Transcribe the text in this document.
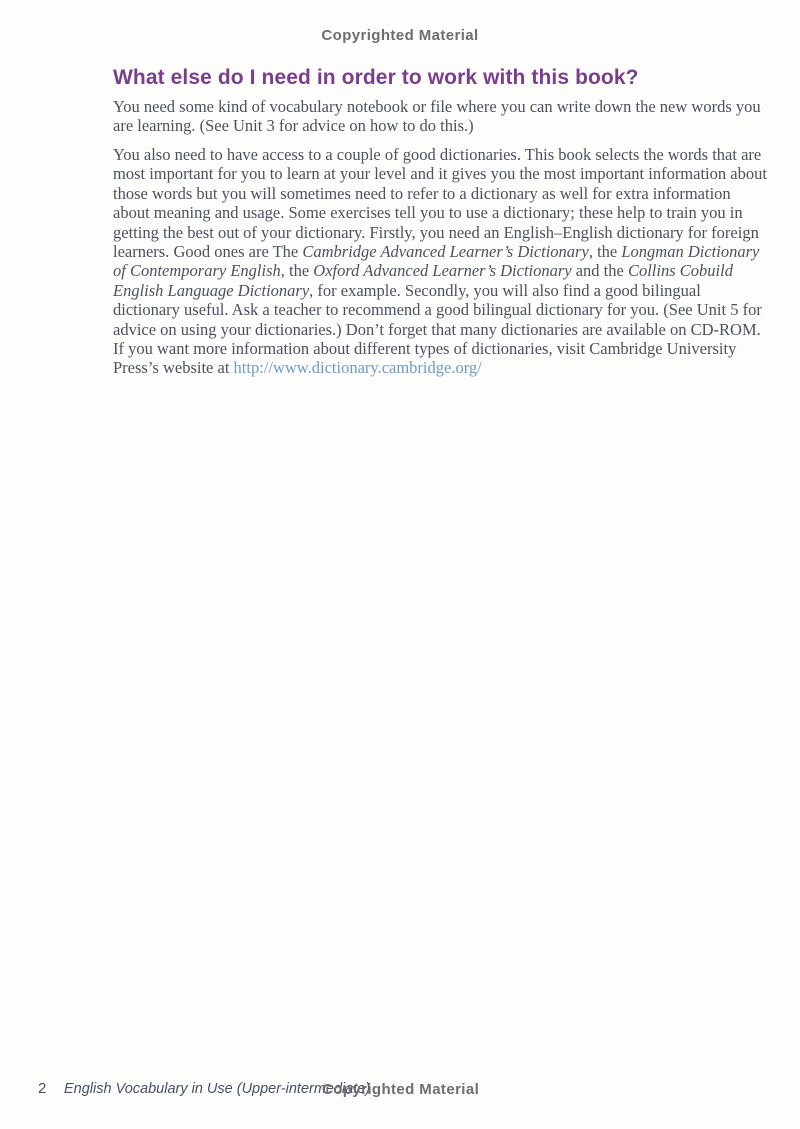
Copyrighted Material
What else do I need in order to work with this book?

You need some kind of vocabulary notebook or file where you can write down the new words you are learning. (See Unit 3 for advice on how to do this.)

You also need to have access to a couple of good dictionaries. This book selects the words that are most important for you to learn at your level and it gives you the most important information about those words but you will sometimes need to refer to a dictionary as well for extra information about meaning and usage. Some exercises tell you to use a dictionary; these help to train you in getting the best out of your dictionary. Firstly, you need an English–English dictionary for foreign learners. Good ones are The Cambridge Advanced Learner’s Dictionary, the Longman Dictionary of Contemporary English, the Oxford Advanced Learner’s Dictionary and the Collins Cobuild English Language Dictionary, for example. Secondly, you will also find a good bilingual dictionary useful. Ask a teacher to recommend a good bilingual dictionary for you. (See Unit 5 for advice on using your dictionaries.) Don’t forget that many dictionaries are available on CD-ROM. If you want more information about different types of dictionaries, visit Cambridge University Press’s website at http://www.dictionary.cambridge.org/

2 English Vocabulary in Use (Upper-intermediate)
Copyrighted Material
